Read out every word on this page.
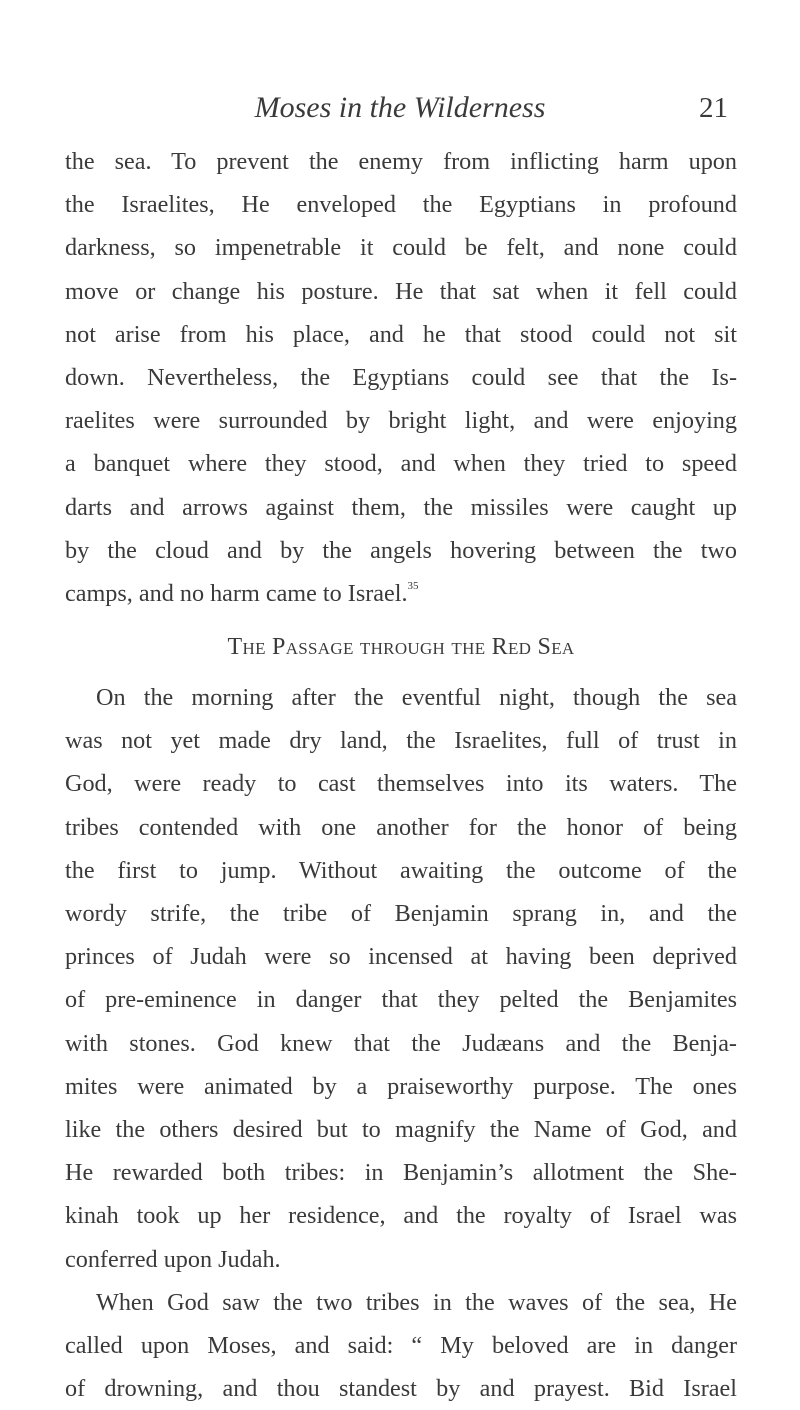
Moses in the Wilderness	21
the sea. To prevent the enemy from inflicting harm upon
the Israelites, He enveloped the Egyptians in profound
darkness, so impenetrable it could be felt, and none could
move or change his posture. He that sat when it fell could
not arise from his place, and he that stood could not sit
down. Nevertheless, the Egyptians could see that the Is-
raelites were surrounded by bright light, and were enjoying
a banquet where they stood, and when they tried to speed
darts and arrows against them, the missiles were caught up
by the cloud and by the angels hovering between the two
camps, and no harm came to Israel.$^{35}$
The Passage through the Red Sea
On the morning after the eventful night, though the sea
was not yet made dry land, the Israelites, full of trust in
God, were ready to cast themselves into its waters. The
tribes contended with one another for the honor of being
the first to jump. Without awaiting the outcome of the
wordy strife, the tribe of Benjamin sprang in, and the
princes of Judah were so incensed at having been deprived
of pre-eminence in danger that they pelted the Benjamites
with stones. God knew that the Judæans and the Benja-
mites were animated by a praiseworthy purpose. The ones
like the others desired but to magnify the Name of God, and
He rewarded both tribes: in Benjamin’s allotment the She-
kinah took up her residence, and the royalty of Israel was
conferred upon Judah.
When God saw the two tribes in the waves of the sea, He
called upon Moses, and said: “ My beloved are in danger
of drowning, and thou standest by and prayest. Bid Israel
